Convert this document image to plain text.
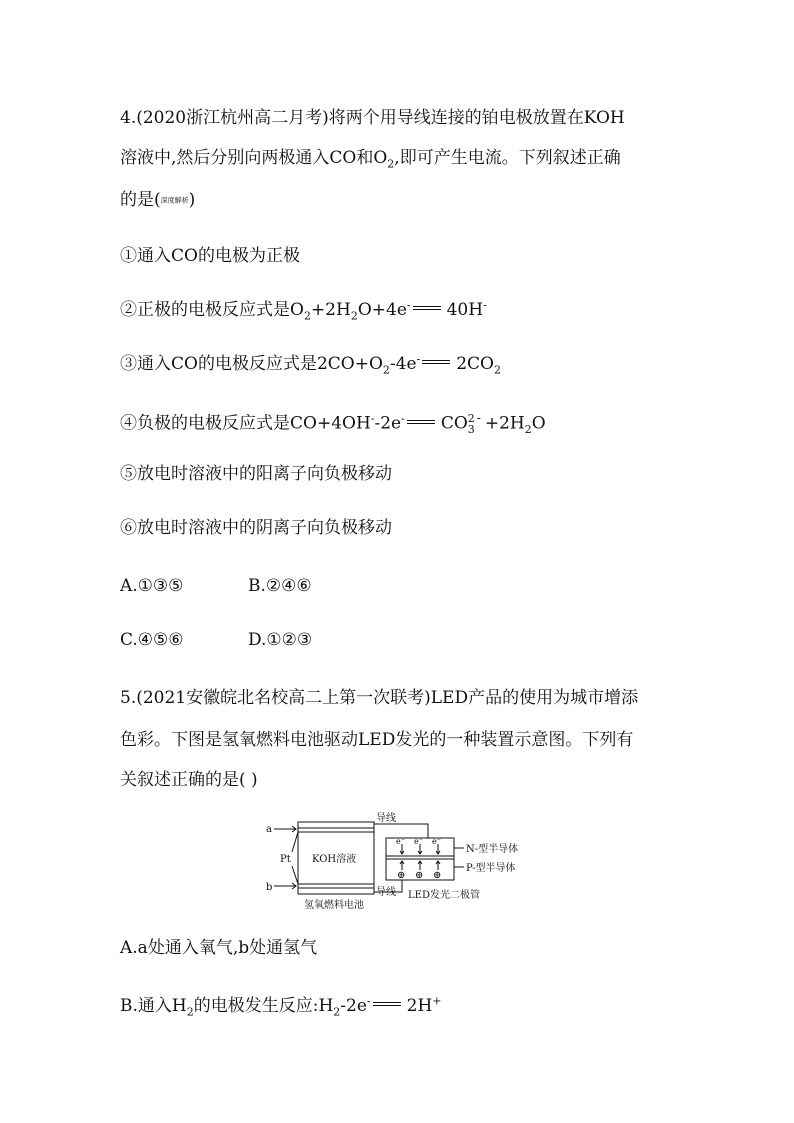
4.(2020浙江杭州高二月考)将两个用导线连接的铂电极放置在KOH
溶液中,然后分别向两极通入CO和$O_2$,即可产生电流。下列叙述正确
的是(深度解析)
①通入CO的电极为正极
②正极的电极反应式是$O_2+2H_2O+4e^-$ 40H-
③通入CO的电极反应式是$2CO+O_2-4e^-$ $2CO_2$
④负极的电极反应式是CO+4OH--2e- CO 2
3
$^- +2H_2O$
⑤放电时溶液中的阳离子向负极移动
⑥放电时溶液中的阴离子向负极移动
A.①③⑤	B.②④⑥
C.④⑤⑥	D.①②③
5.(2021安徽皖北名校高二上第一次联考)LED产品的使用为城市增添
色彩。下图是氢氧燃料电池驱动LED发光的一种装置示意图。下列有
关叙述正确的是( )
a
b
Pt KOH溶液
导线
导线
氢氧燃料电池
LED发光二极管
N-型半导体
P-型半导体
e⁻ e⁻ e⁻
⊕ ⊕ ⊕
A.a处通入氧气,b处通氢气
B.通入$H_2$的电极发生反应$:H_2-2e^-$ 2H+
